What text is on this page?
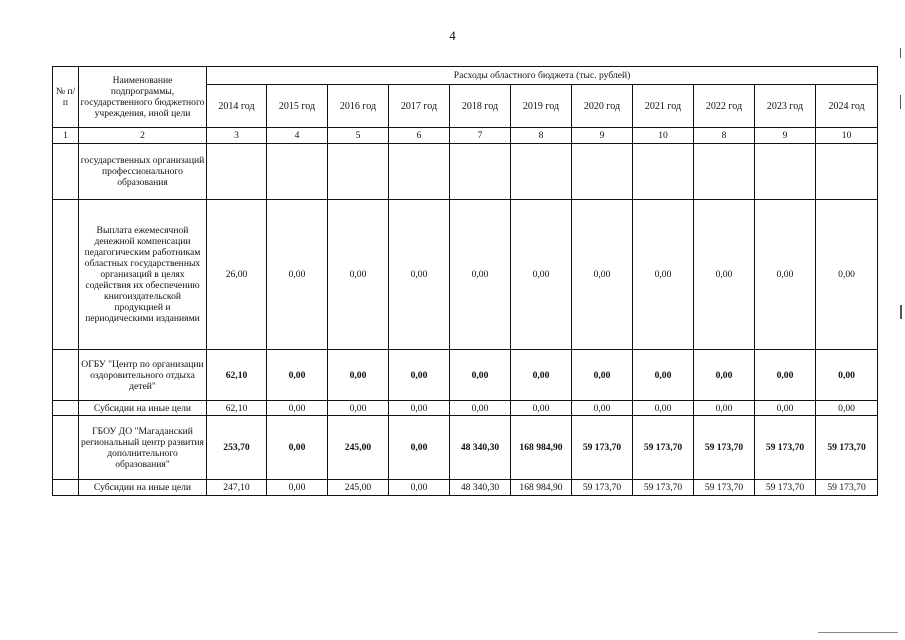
4
№ п/п	Наименование подпрограммы, государственного бюджетного учреждения, иной цели	Расходы областного бюджета (тыс. рублей)										
		2014 год	2015 год	2016 год	2017 год	2018 год	2019 год	2020 год	2021 год	2022 год	2023 год	2024 год
1	2	3	4	5	6	7	8	9	10	8	9	10
	государственных организаций профессионального образования											
	Выплата ежемесячной денежной компенсации педагогическим работникам областных государственных организаций в целях содействия их обеспечению книгоиздательской продукцией и периодическими изданиями	26,00	0,00	0,00	0,00	0,00	0,00	0,00	0,00	0,00	0,00	0,00
	ОГБУ "Центр по организации оздоровительного отдыха детей"	62,10	0,00	0,00	0,00	0,00	0,00	0,00	0,00	0,00	0,00	0,00
	Субсидии на иные цели	62,10	0,00	0,00	0,00	0,00	0,00	0,00	0,00	0,00	0,00	0,00
	ГБОУ ДО "Магаданский региональный центр развития дополнительного образования"	253,70	0,00	245,00	0,00	48 340,30	168 984,90	59 173,70	59 173,70	59 173,70	59 173,70	59 173,70
	Субсидии на иные цели	247,10	0,00	245,00	0,00	48 340,30	168 984,90	59 173,70	59 173,70	59 173,70	59 173,70	59 173,70
